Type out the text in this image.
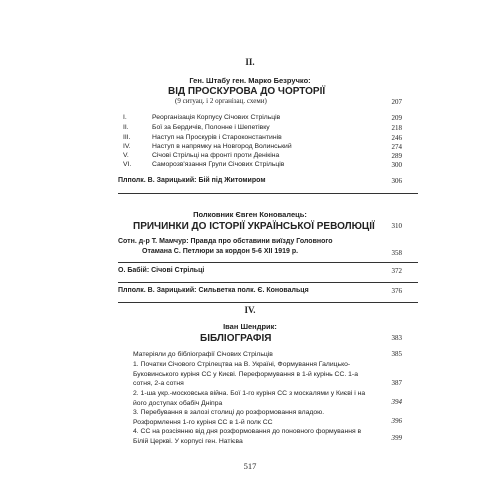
II.
Ген. Штабу ген. Марко Безручко:
ВІД ПРОСКУРОВА ДО ЧОРТОРІЇ
(9 ситуац. і 2 організац. схеми)	207
I.	Реорганізація Корпусу Січових Стрільців	209
II.	Бої за Бердичів, Полонне і Шепетівку	218
III.	Наступ на Проскурів і Староконстантинів	246
IV.	Наступ в напрямку на Новгород Волинський	274
V.	Січові Стрільці на фронті проти Денікіна	289
VI.	Саморозв'язання Групи Січових Стрільців	300
Плполк. В. Зарицький: Бій під Житомиром	306
Полковник Євген Коновалець:
ПРИЧИНКИ ДО ІСТОРІЇ УКРАЇНСЬКОЇ РЕВОЛЮЦІЇ	310
Сотн. д-р Т. Мамчур: Правда про обставини виїзду Головного
Отамана С. Петлюри за кордон 5-6 XII 1919 р.	358
О. Бабій: Січові Стрільці	372
Плполк. В. Зарицький: Сильветка полк. Є. Коновальця	376
IV.
Іван Шендрик:
БІБЛІОГРАФІЯ	383
Матеріяли до бібліографії Січових Стрільців	385
1. Початки Січового Стрілецтва на В. Україні, Формування Галицько-Буковинського куріня СС у Києві. Переформування в 1-й курінь СС. 1-а сотня, 2-а сотня	387
2. 1-ша укр.-московська війна. Бої 1-го куріня СС з москалями у Києві і на його доступах обабіч Дніпра	394
3. Перебування в залозі столиці до розформовання владою. Розформлення 1-го куріня СС в 1-й полк СС	396
4. СС на розсіянню від дня розформовання до поновного формування в Білій Церкві. У корпусі ген. Натієва	399
517
